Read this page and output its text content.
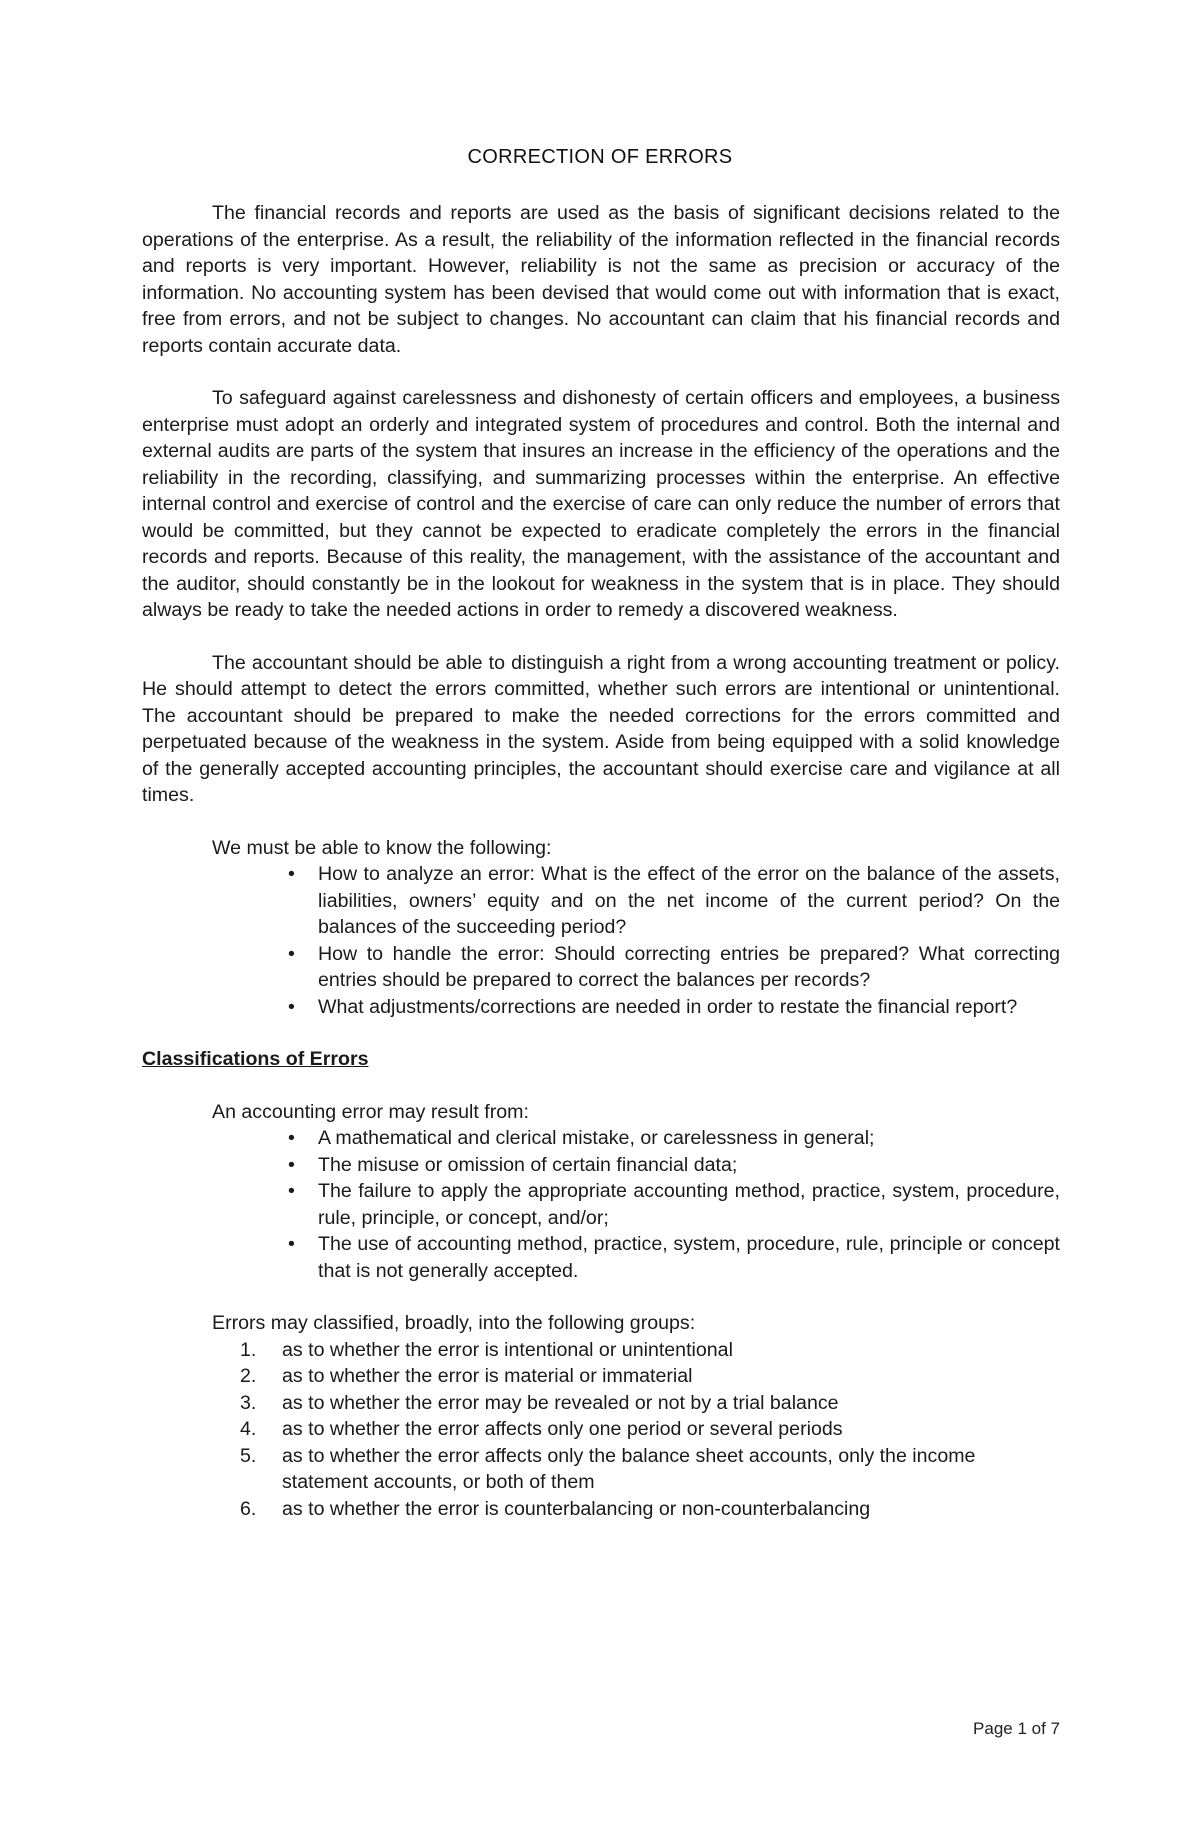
CORRECTION OF ERRORS

The financial records and reports are used as the basis of significant decisions related to the operations of the enterprise. As a result, the reliability of the information reflected in the financial records and reports is very important. However, reliability is not the same as precision or accuracy of the information. No accounting system has been devised that would come out with information that is exact, free from errors, and not be subject to changes. No accountant can claim that his financial records and reports contain accurate data.

To safeguard against carelessness and dishonesty of certain officers and employees, a business enterprise must adopt an orderly and integrated system of procedures and control. Both the internal and external audits are parts of the system that insures an increase in the efficiency of the operations and the reliability in the recording, classifying, and summarizing processes within the enterprise. An effective internal control and exercise of control and the exercise of care can only reduce the number of errors that would be committed, but they cannot be expected to eradicate completely the errors in the financial records and reports. Because of this reality, the management, with the assistance of the accountant and the auditor, should constantly be in the lookout for weakness in the system that is in place. They should always be ready to take the needed actions in order to remedy a discovered weakness.

The accountant should be able to distinguish a right from a wrong accounting treatment or policy. He should attempt to detect the errors committed, whether such errors are intentional or unintentional. The accountant should be prepared to make the needed corrections for the errors committed and perpetuated because of the weakness in the system. Aside from being equipped with a solid knowledge of the generally accepted accounting principles, the accountant should exercise care and vigilance at all times.

We must be able to know the following:

• How to analyze an error: What is the effect of the error on the balance of the assets, liabilities, owners’ equity and on the net income of the current period? On the balances of the succeeding period?
• How to handle the error: Should correcting entries be prepared? What correcting entries should be prepared to correct the balances per records?
• What adjustments/corrections are needed in order to restate the financial report?

Classifications of Errors

An accounting error may result from:

• A mathematical and clerical mistake, or carelessness in general;
• The misuse or omission of certain financial data;
• The failure to apply the appropriate accounting method, practice, system, procedure, rule, principle, or concept, and/or;
• The use of accounting method, practice, system, procedure, rule, principle or concept that is not generally accepted.

Errors may classified, broadly, into the following groups:

1. as to whether the error is intentional or unintentional
2. as to whether the error is material or immaterial
3. as to whether the error may be revealed or not by a trial balance
4. as to whether the error affects only one period or several periods
5. as to whether the error affects only the balance sheet accounts, only the income statement accounts, or both of them
6. as to whether the error is counterbalancing or non-counterbalancing
Page 1 of 7
